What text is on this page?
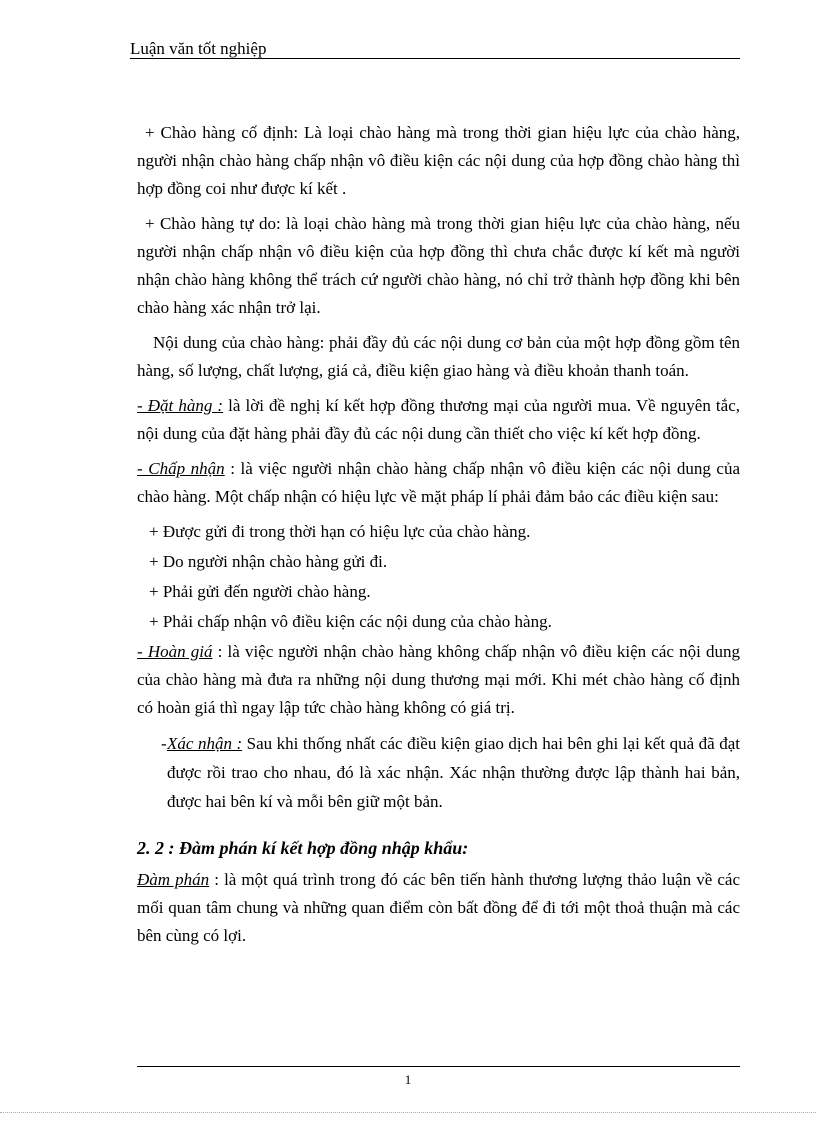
Luận văn tốt nghiệp

+ Chào hàng cố định: Là loại chào hàng mà trong thời gian hiệu lực của chào hàng, người nhận chào hàng chấp nhận vô điều kiện các nội dung của hợp đồng chào hàng thì hợp đồng coi như được kí kết .

+ Chào hàng tự do: là loại chào hàng mà trong thời gian hiệu lực của chào hàng, nếu người nhận chấp nhận vô điều kiện của hợp đồng thì chưa chắc được kí kết mà người nhận chào hàng không thể trách cứ người chào hàng, nó chỉ trở thành hợp đồng khi bên chào hàng xác nhận trở lại.

Nội dung của chào hàng: phải đầy đủ các nội dung cơ bản của một hợp đồng gồm tên hàng, số lượng, chất lượng, giá cả, điều kiện giao hàng và điều khoản thanh toán.

- Đặt hàng : là lời đề nghị kí kết hợp đồng thương mại của người mua. Về nguyên tắc, nội dung của đặt hàng phải đầy đủ các nội dung cần thiết cho việc kí kết hợp đồng.

- Chấp nhận : là việc người nhận chào hàng chấp nhận vô điều kiện các nội dung của chào hàng. Một chấp nhận có hiệu lực về mặt pháp lí phải đảm bảo các điều kiện sau:

+ Được gửi đi trong thời hạn có hiệu lực của chào hàng.

+ Do người nhận chào hàng gửi đi.

+ Phải gửi đến người chào hàng.

+ Phải chấp nhận vô điều kiện các nội dung của chào hàng.

- Hoàn giá : là việc người nhận chào hàng không chấp nhận vô điều kiện các nội dung của chào hàng mà đưa ra những nội dung thương mại mới. Khi mét chào hàng cố định có hoàn giá thì ngay lập tức chào hàng không có giá trị.

- Xác nhận : Sau khi thống nhất các điều kiện giao dịch hai bên ghi lại kết quả đã đạt được rồi trao cho nhau, đó là xác nhận. Xác nhận thường được lập thành hai bản, được hai bên kí và mỗi bên giữ một bản.

2. 2 : Đàm phán kí kết hợp đồng nhập khẩu:

Đàm phán : là một quá trình trong đó các bên tiến hành thương lượng thảo luận về các mối quan tâm chung và những quan điểm còn bất đồng để đi tới một thoả thuận mà các bên cùng có lợi.

1
